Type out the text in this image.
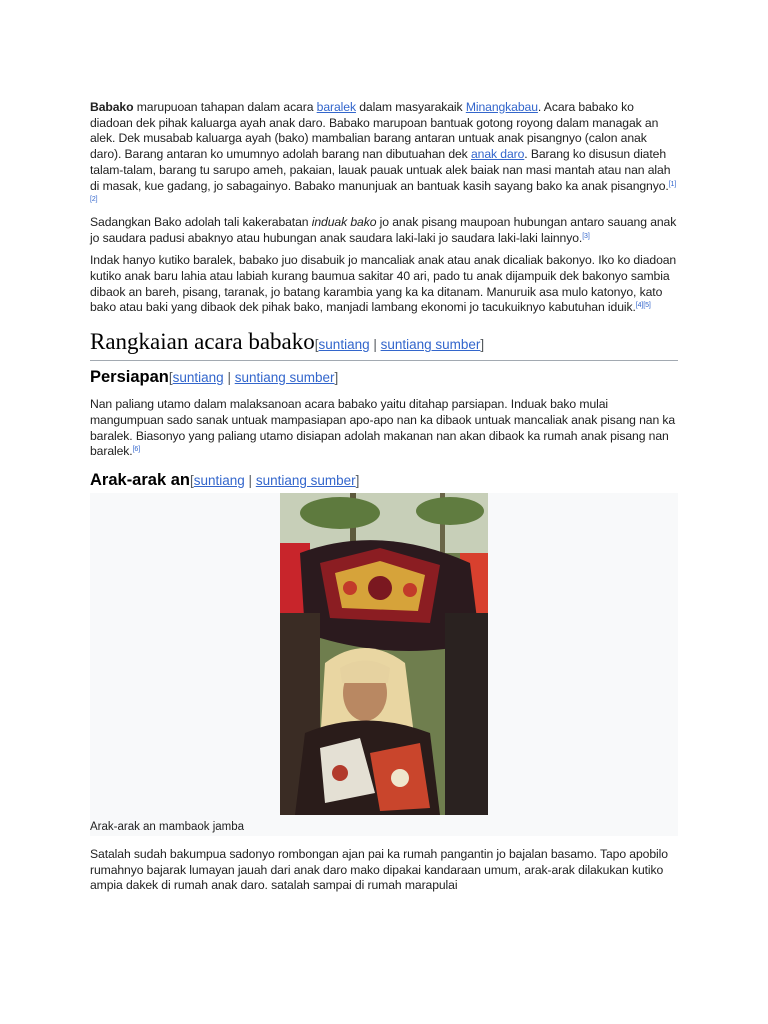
Babako marupuoan tahapan dalam acara baralek dalam masyarakaik Minangkabau. Acara babako ko diadoan dek pihak kaluarga ayah anak daro. Babako marupoan bantuak gotong royong dalam managak an alek. Dek musabab kaluarga ayah (bako) mambalian barang antaran untuak anak pisangnyo (calon anak daro). Barang antaran ko umumnyo adolah barang nan dibutuahan dek anak daro. Barang ko disusun diateh talam-talam, barang tu sarupo ameh, pakaian, lauak pauak untuak alek baiak nan masi mantah atau nan alah di masak, kue gadang, jo sabagainyo. Babako manunjuak an bantuak kasih sayang bako ka anak pisangnyo.[1][2]

Sadangkan Bako adolah tali kakerabatan induak bako jo anak pisang maupoan hubungan antaro sauang anak jo saudara padusi abaknyo atau hubungan anak saudara laki-laki jo saudara laki-laki lainnyo.[3]

Indak hanyo kutiko baralek, babako juo disabuik jo mancaliak anak atau anak dicaliak bakonyo. Iko ko diadoan kutiko anak baru lahia atau labiah kurang baumua sakitar 40 ari, pado tu anak dijampuik dek bakonyo sambia dibaok an bareh, pisang, taranak, jo batang karambia yang ka ka ditanam. Manuruik asa mulo katonyo, kato bako atau baki yang dibaok dek pihak bako, manjadi lambang ekonomi jo tacukuiknyo kabutuhan iduik.[4][5]

Rangkaian acara babako[suntiang | suntiang sumber]
Persiapan[suntiang | suntiang sumber]

Nan paliang utamo dalam malaksanoan acara babako yaitu ditahap parsiapan. Induak bako mulai mangumpuan sado sanak untuak mampasiapan apo-apo nan ka dibaok untuak mancaliak anak pisang nan ka baralek. Biasonyo yang paliang utamo disiapan adolah makanan nan akan dibaok ka rumah anak pisang nan baralek.[6]

Arak-arak an[suntiang | suntiang sumber]
Arak-arak an mambaok jamba

Satalah sudah bakumpua sadonyo rombongan ajan pai ka rumah pangantin jo bajalan basamo. Tapo apobilo rumahnyo bajarak lumayan jauah dari anak daro mako dipakai kandaraan umum, arak-arak dilakukan kutiko ampia dakek di rumah anak daro. satalah sampai di rumah marapulai
